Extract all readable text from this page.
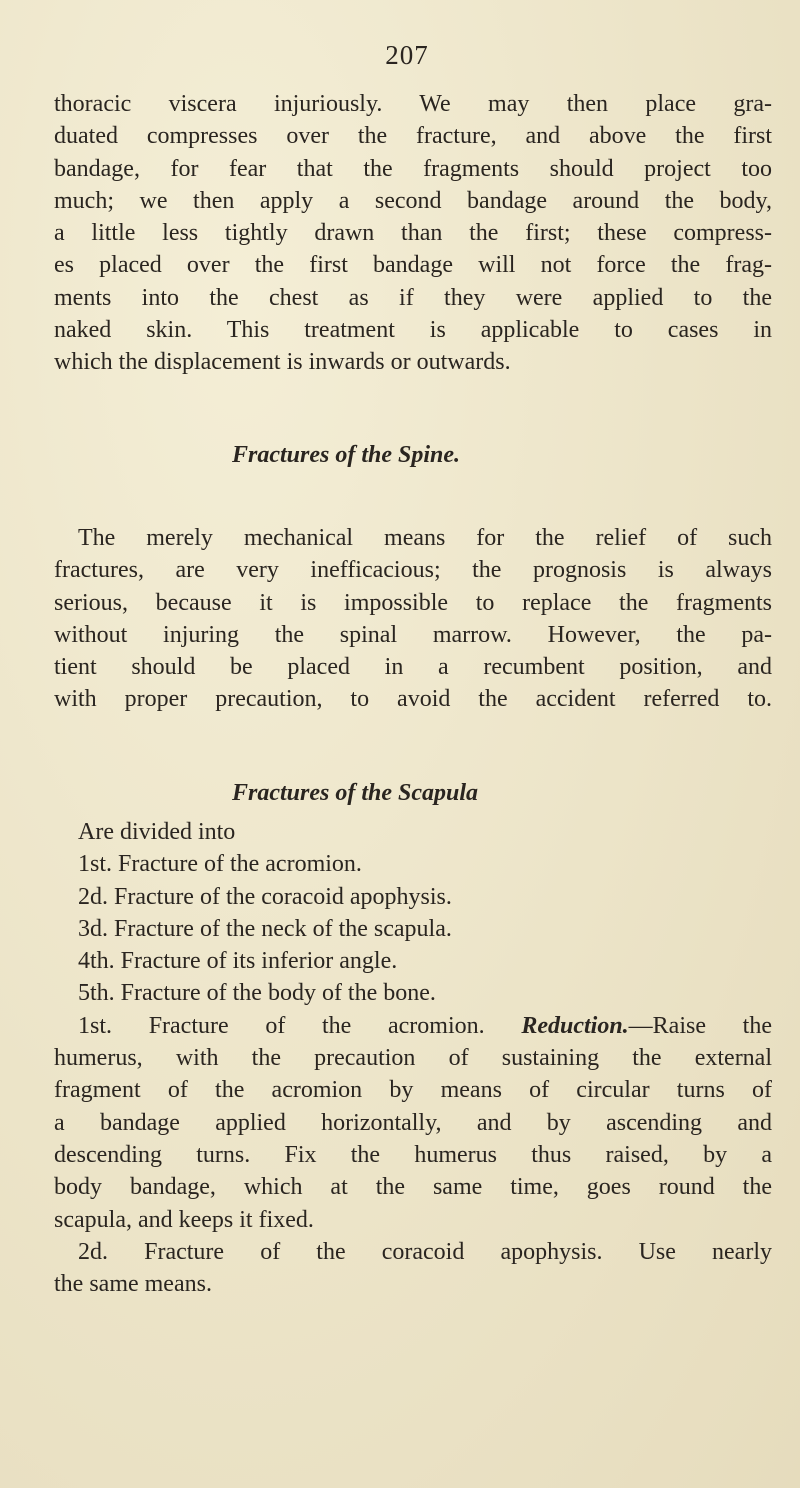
207
thoracic viscera injuriously. We may then place gra-
duated compresses over the fracture, and above the first
bandage, for fear that the fragments should project too
much; we then apply a second bandage around the body,
a little less tightly drawn than the first; these compress-
es placed over the first bandage will not force the frag-
ments into the chest as if they were applied to the
naked skin. This treatment is applicable to cases in
which the displacement is inwards or outwards.
Fractures of the Spine.
The merely mechanical means for the relief of such
fractures, are very inefficacious; the prognosis is always
serious, because it is impossible to replace the fragments
without injuring the spinal marrow. However, the pa-
tient should be placed in a recumbent position, and
with proper precaution, to avoid the accident referred to.
Fractures of the Scapula
Are divided into
1st. Fracture of the acromion.
2d. Fracture of the coracoid apophysis.
3d. Fracture of the neck of the scapula.
4th. Fracture of its inferior angle.
5th. Fracture of the body of the bone.
1st. Fracture of the acromion. Reduction.—Raise the
humerus, with the precaution of sustaining the external
fragment of the acromion by means of circular turns of
a bandage applied horizontally, and by ascending and
descending turns. Fix the humerus thus raised, by a
body bandage, which at the same time, goes round the
scapula, and keeps it fixed.
2d. Fracture of the coracoid apophysis. Use nearly
the same means.
